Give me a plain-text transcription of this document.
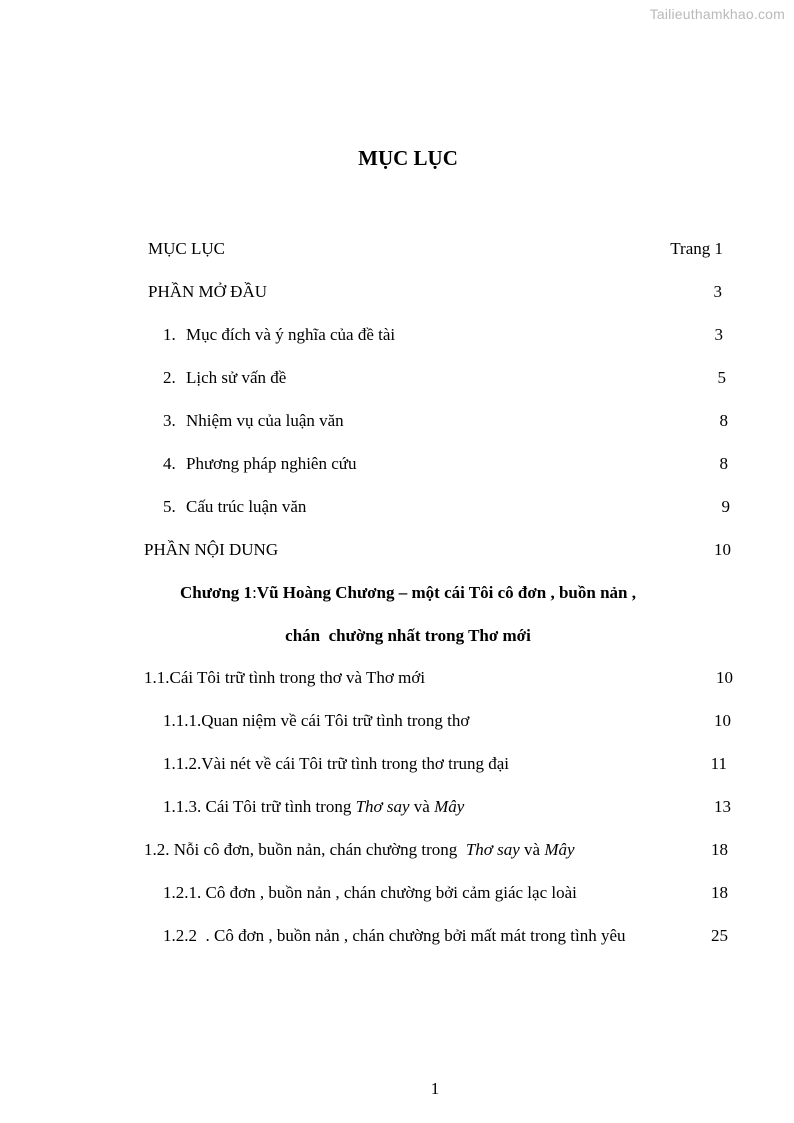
Tailieuthamkhao.com
MỤC LỤC
MỤC LỤC	Trang 1
PHẦN MỞ ĐẦU	3
1. Mục đích và ý nghĩa của đề tài	3
2. Lịch sử vấn đề	5
3. Nhiệm vụ của luận văn	8
4. Phương pháp nghiên cứu	8
5. Cấu trúc luận văn	9
PHẦN NỘI DUNG	10
Chương 1:Vũ Hoàng Chương – một cái Tôi cô đơn , buồn nản ,
chán  chường nhất trong Thơ mới
1.1.Cái Tôi trữ tình trong thơ và Thơ mới	10
1.1.1.Quan niệm về cái Tôi trữ tình trong thơ	10
1.1.2.Vài nét về cái Tôi trữ tình trong thơ trung đại	11
1.1.3. Cái Tôi trữ tình trong Thơ say và Mây	13
1.2. Nỗi cô đơn, buồn nản, chán chường trong  Thơ say và Mây	18
1.2.1. Cô đơn , buồn nản , chán chường bởi cảm giác lạc loài	18
1.2.2  . Cô đơn , buồn nản , chán chường bởi mất mát trong tình yêu	25
1
